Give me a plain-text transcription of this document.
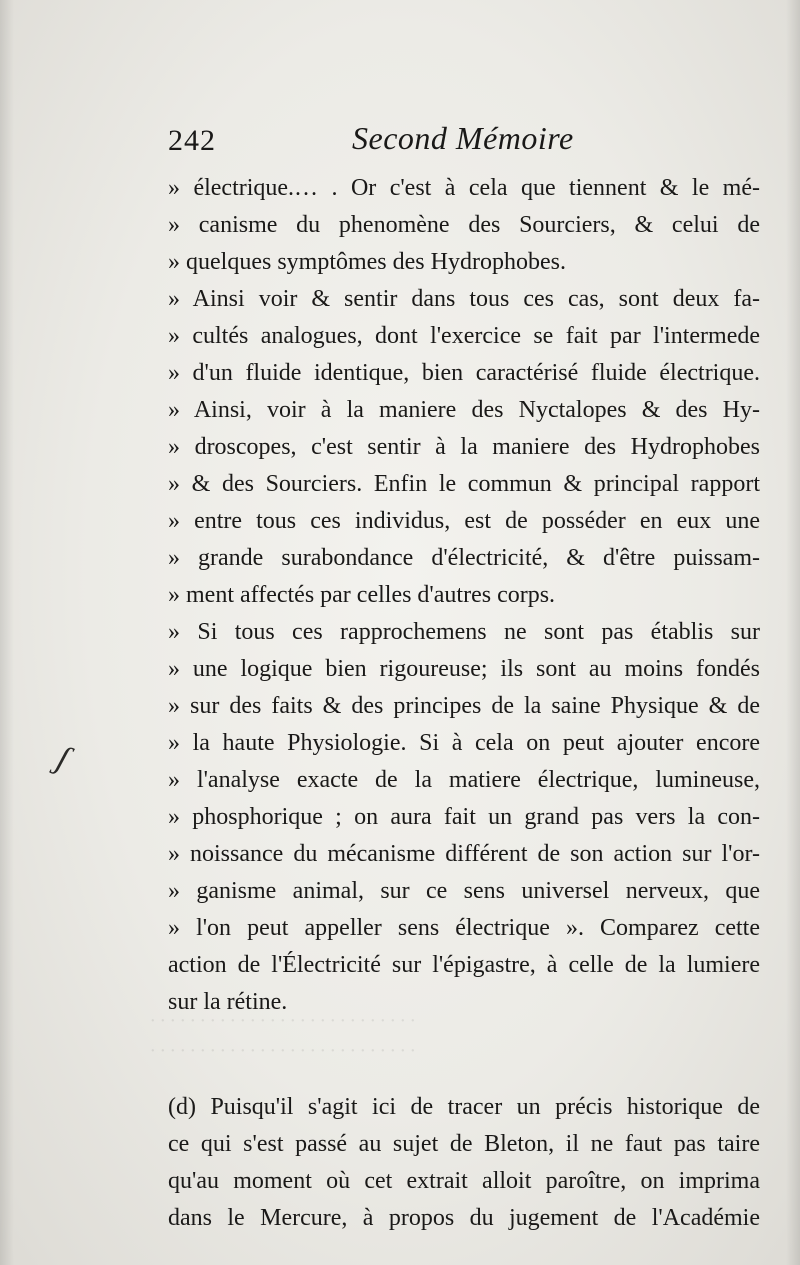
· · · · · · · · · · · · · · · · · · · · · · · · · · ·
· · · · · · · · · · · · · · · · · · · · · · · · · · ·
242	Second Mémoire
ʃ
» électrique.… . Or c'est à cela que tiennent & le mé-
» canisme du phenomène des Sourciers, & celui de
» quelques symptômes des Hydrophobes.
» Ainsi voir & sentir dans tous ces cas, sont deux fa-
» cultés analogues, dont l'exercice se fait par l'intermede
» d'un fluide identique, bien caractérisé fluide électrique.
» Ainsi, voir à la maniere des Nyctalopes & des Hy-
» droscopes, c'est sentir à la maniere des Hydrophobes
» & des Sourciers. Enfin le commun & principal rapport
» entre tous ces individus, est de posséder en eux une
» grande surabondance d'électricité, & d'être puissam-
» ment affectés par celles d'autres corps.
» Si tous ces rapprochemens ne sont pas établis sur
» une logique bien rigoureuse; ils sont au moins fondés
» sur des faits & des principes de la saine Physique & de
» la haute Physiologie. Si à cela on peut ajouter encore
» l'analyse exacte de la matiere électrique, lumineuse,
» phosphorique ; on aura fait un grand pas vers la con-
» noissance du mécanisme différent de son action sur l'or-
» ganisme animal, sur ce sens universel nerveux, que
» l'on peut appeller sens électrique ». Comparez cette
action de l'Électricité sur l'épigastre, à celle de la lumiere
sur la rétine.
(d) Puisqu'il s'agit ici de tracer un précis historique de
ce qui s'est passé au sujet de Bleton, il ne faut pas taire
qu'au moment où cet extrait alloit paroître, on imprima
dans le Mercure, à propos du jugement de l'Académie
